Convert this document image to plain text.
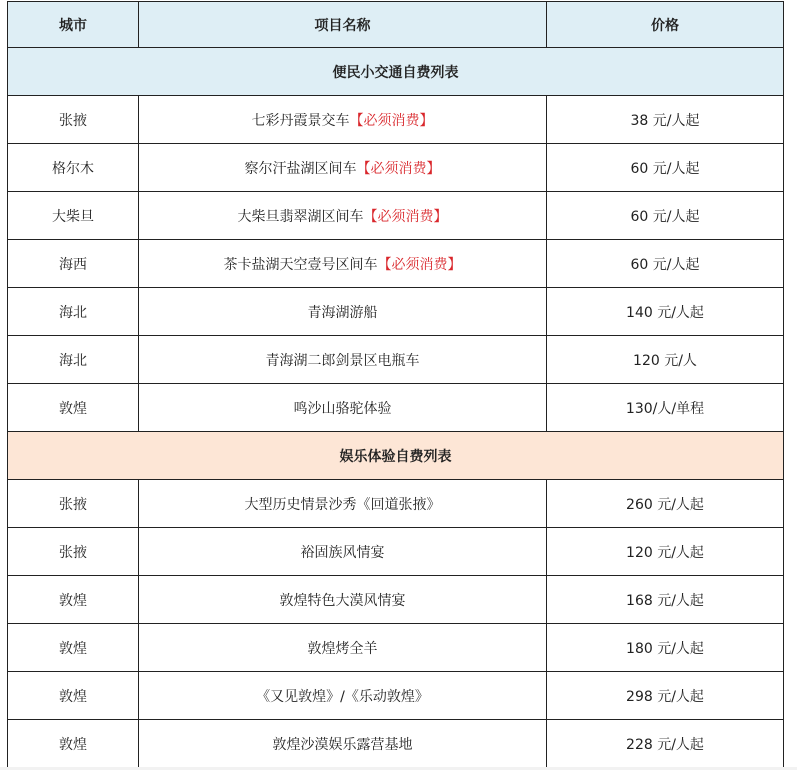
城市	项目名称	价格
便民小交通自费列表		
张掖	七彩丹霞景交车【必须消费】	38 元/人起
格尔木	察尔汗盐湖区间车【必须消费】	60 元/人起
大柴旦	大柴旦翡翠湖区间车【必须消费】	60 元/人起
海西	茶卡盐湖天空壹号区间车【必须消费】	60 元/人起
海北	青海湖游船	140 元/人起
海北	青海湖二郎剑景区电瓶车	120 元/人
敦煌	鸣沙山骆驼体验	130/人/单程
娱乐体验自费列表		
张掖	大型历史情景沙秀《回道张掖》	260 元/人起
张掖	裕固族风情宴	120 元/人起
敦煌	敦煌特色大漠风情宴	168 元/人起
敦煌	敦煌烤全羊	180 元/人起
敦煌	《又见敦煌》/《乐动敦煌》	298 元/人起
敦煌	敦煌沙漠娱乐露营基地	228 元/人起
